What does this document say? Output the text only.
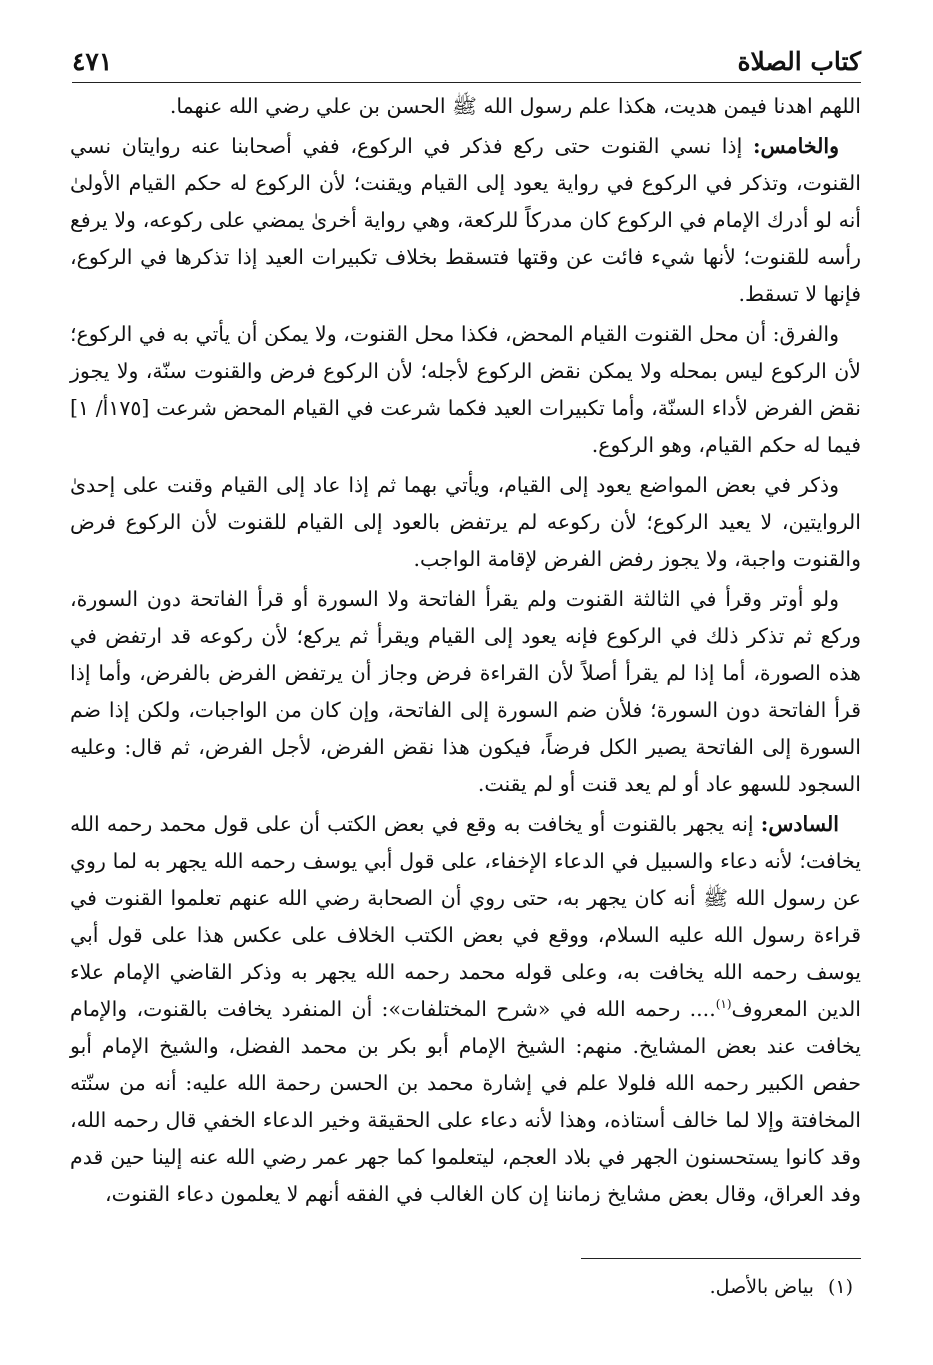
كتاب الصلاة
٤٧١

اللهم اهدنا فيمن هديت، هكذا علم رسول الله ﷺ الحسن بن علي رضي الله عنهما.

والخامس: إذا نسي القنوت حتى ركع فذكر في الركوع، ففي أصحابنا عنه روايتان نسي القنوت، وتذكر في الركوع في رواية يعود إلى القيام ويقنت؛ لأن الركوع له حكم القيام الأولىٰ أنه لو أدرك الإمام في الركوع كان مدركاً للركعة، وهي رواية أخرىٰ يمضي على ركوعه، ولا يرفع رأسه للقنوت؛ لأنها شيء فائت عن وقتها فتسقط بخلاف تكبيرات العيد إذا تذكرها في الركوع، فإنها لا تسقط.

والفرق: أن محل القنوت القيام المحض، فكذا محل القنوت، ولا يمكن أن يأتي به في الركوع؛ لأن الركوع ليس بمحله ولا يمكن نقض الركوع لأجله؛ لأن الركوع فرض والقنوت سنّة، ولا يجوز نقض الفرض لأداء السنّة، وأما تكبيرات العيد فكما شرعت في القيام المحض شرعت [١٧٥أ/ ١] فيما له حكم القيام، وهو الركوع.

وذكر في بعض المواضع يعود إلى القيام، ويأتي بهما ثم إذا عاد إلى القيام وقنت على إحدىٰ الروايتين، لا يعيد الركوع؛ لأن ركوعه لم يرتفض بالعود إلى القيام للقنوت لأن الركوع فرض والقنوت واجبة، ولا يجوز رفض الفرض لإقامة الواجب.

ولو أوتر وقرأ في الثالثة القنوت ولم يقرأ الفاتحة ولا السورة أو قرأ الفاتحة دون السورة، وركع ثم تذكر ذلك في الركوع فإنه يعود إلى القيام ويقرأ ثم يركع؛ لأن ركوعه قد ارتفض في هذه الصورة، أما إذا لم يقرأ أصلاً لأن القراءة فرض وجاز أن يرتفض الفرض بالفرض، وأما إذا قرأ الفاتحة دون السورة؛ فلأن ضم السورة إلى الفاتحة، وإن كان من الواجبات، ولكن إذا ضم السورة إلى الفاتحة يصير الكل فرضاً، فيكون هذا نقض الفرض، لأجل الفرض، ثم قال: وعليه السجود للسهو عاد أو لم يعد قنت أو لم يقنت.

السادس: إنه يجهر بالقنوت أو يخافت به وقع في بعض الكتب أن على قول محمد رحمه الله يخافت؛ لأنه دعاء والسبيل في الدعاء الإخفاء، على قول أبي يوسف رحمه الله يجهر به لما روي عن رسول الله ﷺ أنه كان يجهر به، حتى روي أن الصحابة رضي الله عنهم تعلموا القنوت في قراءة رسول الله عليه السلام، ووقع في بعض الكتب الخلاف على عكس هذا على قول أبي يوسف رحمه الله يخافت به، وعلى قوله محمد رحمه الله يجهر به وذكر القاضي الإمام علاء الدين المعروف$^{(١)}$.... رحمه الله في «شرح المختلفات»: أن المنفرد يخافت بالقنوت، والإمام يخافت عند بعض المشايخ. منهم: الشيخ الإمام أبو بكر بن محمد الفضل، والشيخ الإمام أبو حفص الكبير رحمه الله فلولا علم في إشارة محمد بن الحسن رحمة الله عليه: أنه من سنّته المخافتة وإلا لما خالف أستاذه، وهذا لأنه دعاء على الحقيقة وخير الدعاء الخفي قال رحمه الله، وقد كانوا يستحسنون الجهر في بلاد العجم، ليتعلموا كما جهر عمر رضي الله عنه إلينا حين قدم وفد العراق، وقال بعض مشايخ زماننا إن كان الغالب في الفقه أنهم لا يعلمون دعاء القنوت،

(١)بياض بالأصل.
